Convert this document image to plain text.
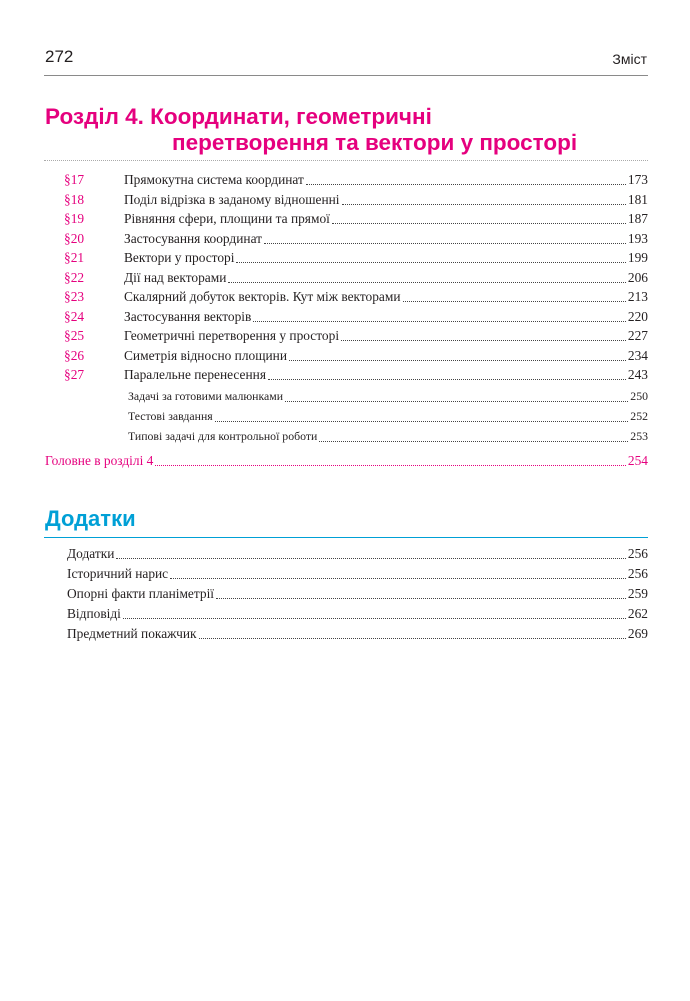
272	Зміст
Розділ 4. Координати, геометричні
перетворення та вектори у просторі
§17	Прямокутна система координат	173
§18	Поділ відрізка в заданому відношенні	181
§19	Рівняння сфери, площини та прямої	187
§20	Застосування координат	193
§21	Вектори у просторі	199
§22	Дії над векторами	206
§23	Скалярний добуток векторів. Кут між векторами	213
§24	Застосування векторів	220
§25	Геометричні перетворення у просторі	227
§26	Симетрія відносно площини	234
§27	Паралельне перенесення	243
Задачі за готовими малюнками	250
Тестові завдання	252
Типові задачі для контрольної роботи	253
Головне в розділі 4	254
Додатки
Додатки	256
Історичний нарис	256
Опорні факти планіметрії	259
Відповіді	262
Предметний покажчик	269
